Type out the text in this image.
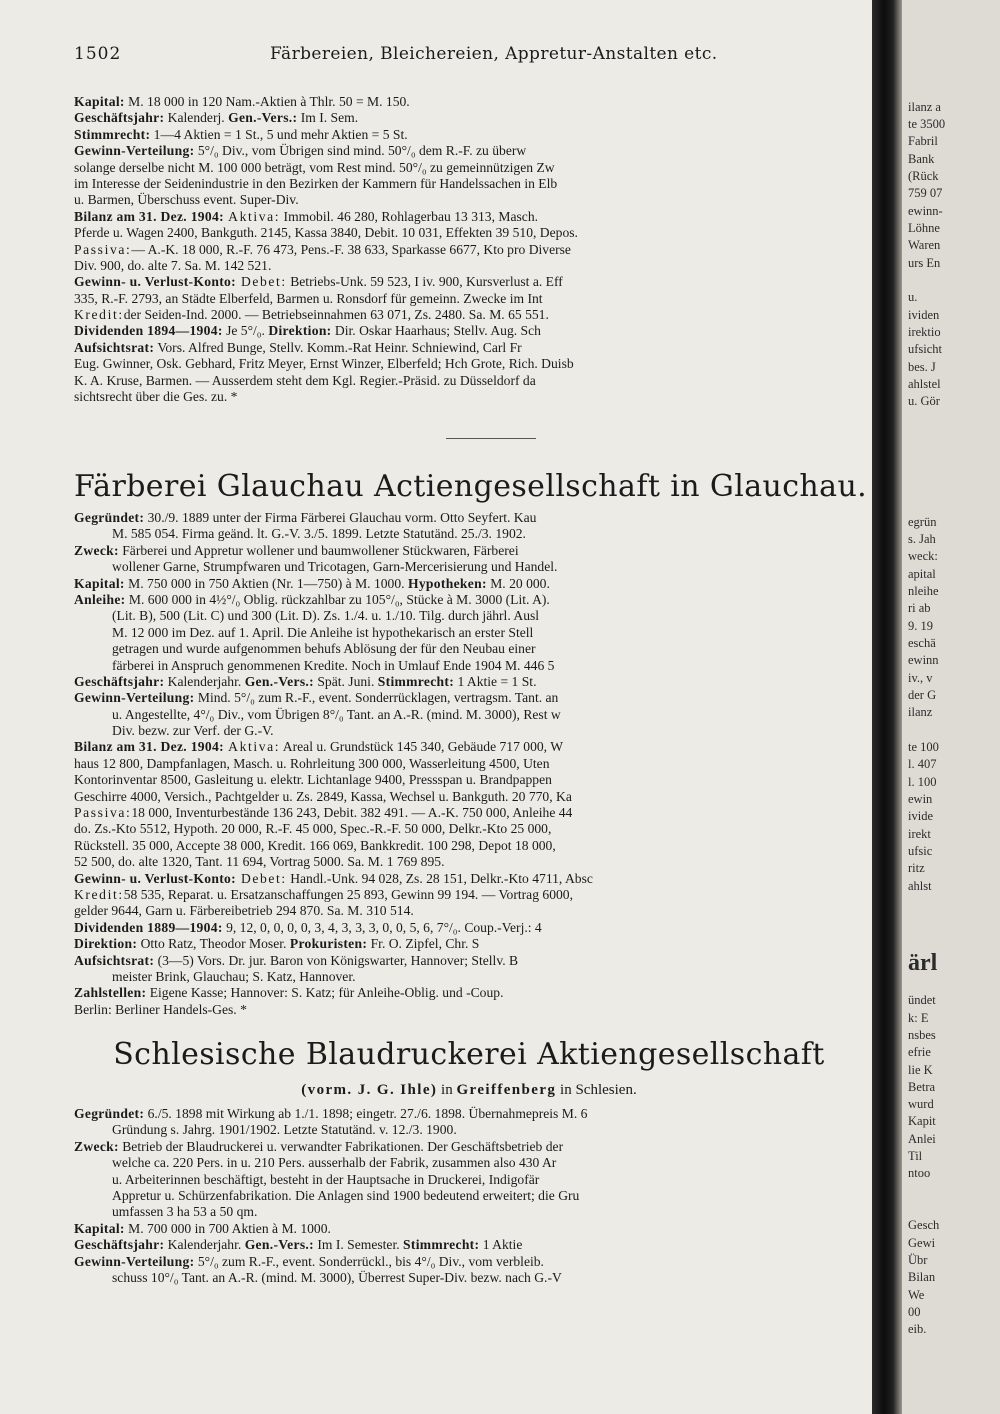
1502	Färbereien, Bleichereien, Appretur-Anstalten etc.
Kapital: M. 18 000 in 120 Nam.-Aktien à Thlr. 50 = M. 150.
Geschäftsjahr: Kalenderj. Gen.-Vers.: Im I. Sem.
Stimmrecht: 1—4 Aktien = 1 St., 5 und mehr Aktien = 5 St.
Gewinn-Verteilung: 5°/₀ Div., vom Übrigen sind mind. 50°/₀ dem R.-F. zu überw
solange derselbe nicht M. 100 000 beträgt, vom Rest mind. 50°/₀ zu gemeinnützigen Zw
im Interesse der Seidenindustrie in den Bezirken der Kammern für Handelssachen in Elb
u. Barmen, Überschuss event. Super-Div.
Bilanz am 31. Dez. 1904: Aktiva: Immobil. 46 280, Rohlagerbau 13 313, Masch.
Pferde u. Wagen 2400, Bankguth. 2145, Kassa 3840, Debit. 10 031, Effekten 39 510, Depos.
Passiva:— A.-K. 18 000, R.-F. 76 473, Pens.-F. 38 633, Sparkasse 6677, Kto pro Diverse
Div. 900, do. alte 7. Sa. M. 142 521.
Gewinn- u. Verlust-Konto: Debet: Betriebs-Unk. 59 523, I iv. 900, Kursverlust a. Eff
335, R.-F. 2793, an Städte Elberfeld, Barmen u. Ronsdorf für gemeinn. Zwecke im Int
Kredit:der Seiden-Ind. 2000. — Betriebseinnahmen 63 071, Zs. 2480. Sa. M. 65 551.
Dividenden 1894—1904: Je 5°/₀. Direktion: Dir. Oskar Haarhaus; Stellv. Aug. Sch
Aufsichtsrat: Vors. Alfred Bunge, Stellv. Komm.-Rat Heinr. Schniewind, Carl Fr
Eug. Gwinner, Osk. Gebhard, Fritz Meyer, Ernst Winzer, Elberfeld; Hch Grote, Rich. Duisb
K. A. Kruse, Barmen. — Ausserdem steht dem Kgl. Regier.-Präsid. zu Düsseldorf da
sichtsrecht über die Ges. zu. *
Färberei Glauchau Actiengesellschaft in Glauchau.
Gegründet: 30./9. 1889 unter der Firma Färberei Glauchau vorm. Otto Seyfert. Kau
M. 585 054. Firma geänd. lt. G.-V. 3./5. 1899. Letzte Statutänd. 25./3. 1902.
Zweck: Färberei und Appretur wollener und baumwollener Stückwaren, Färberei
wollener Garne, Strumpfwaren und Tricotagen, Garn-Mercerisierung und Handel.
Kapital: M. 750 000 in 750 Aktien (Nr. 1—750) à M. 1000. Hypotheken: M. 20 000.
Anleihe: M. 600 000 in 4½°/₀ Oblig. rückzahlbar zu 105°/₀, Stücke à M. 3000 (Lit. A).
(Lit. B), 500 (Lit. C) und 300 (Lit. D). Zs. 1./4. u. 1./10. Tilg. durch jährl. Ausl
M. 12 000 im Dez. auf 1. April. Die Anleihe ist hypothekarisch an erster Stell
getragen und wurde aufgenommen behufs Ablösung der für den Neubau einer
färberei in Anspruch genommenen Kredite. Noch in Umlauf Ende 1904 M. 446 5
Geschäftsjahr: Kalenderjahr. Gen.-Vers.: Spät. Juni. Stimmrecht: 1 Aktie = 1 St.
Gewinn-Verteilung: Mind. 5°/₀ zum R.-F., event. Sonderrücklagen, vertragsm. Tant. an
u. Angestellte, 4°/₀ Div., vom Übrigen 8°/₀ Tant. an A.-R. (mind. M. 3000), Rest w
Div. bezw. zur Verf. der G.-V.
Bilanz am 31. Dez. 1904: Aktiva: Areal u. Grundstück 145 340, Gebäude 717 000, W
haus 12 800, Dampfanlagen, Masch. u. Rohrleitung 300 000, Wasserleitung 4500, Uten
Kontorinventar 8500, Gasleitung u. elektr. Lichtanlage 9400, Pressspan u. Brandpappen
Geschirre 4000, Versich., Pachtgelder u. Zs. 2849, Kassa, Wechsel u. Bankguth. 20 770, Ka
Passiva:18 000, Inventurbestände 136 243, Debit. 382 491. — A.-K. 750 000, Anleihe 44
do. Zs.-Kto 5512, Hypoth. 20 000, R.-F. 45 000, Spec.-R.-F. 50 000, Delkr.-Kto 25 000,
Rückstell. 35 000, Accepte 38 000, Kredit. 166 069, Bankkredit. 100 298, Depot 18 000,
52 500, do. alte 1320, Tant. 11 694, Vortrag 5000. Sa. M. 1 769 895.
Gewinn- u. Verlust-Konto: Debet: Handl.-Unk. 94 028, Zs. 28 151, Delkr.-Kto 4711, Absc
Kredit:58 535, Reparat. u. Ersatzanschaffungen 25 893, Gewinn 99 194. — Vortrag 6000,
gelder 9644, Garn u. Färbereibetrieb 294 870. Sa. M. 310 514.
Dividenden 1889—1904: 9, 12, 0, 0, 0, 0, 3, 4, 3, 3, 3, 0, 0, 5, 6, 7°/₀. Coup.-Verj.: 4
Direktion: Otto Ratz, Theodor Moser. Prokuristen: Fr. O. Zipfel, Chr. S
Aufsichtsrat: (3—5) Vors. Dr. jur. Baron von Königswarter, Hannover; Stellv. B
meister Brink, Glauchau; S. Katz, Hannover.
Zahlstellen: Eigene Kasse; Hannover: S. Katz; für Anleihe-Oblig. und -Coup.
Berlin: Berliner Handels-Ges. *
Schlesische Blaudruckerei Aktiengesellschaft
(vorm. J. G. Ihle) in Greiffenberg in Schlesien.
Gegründet: 6./5. 1898 mit Wirkung ab 1./1. 1898; eingetr. 27./6. 1898. Übernahmepreis M. 6
Gründung s. Jahrg. 1901/1902. Letzte Statutänd. v. 12./3. 1900.
Zweck: Betrieb der Blaudruckerei u. verwandter Fabrikationen. Der Geschäftsbetrieb der
welche ca. 220 Pers. in u. 210 Pers. ausserhalb der Fabrik, zusammen also 430 Ar
u. Arbeiterinnen beschäftigt, besteht in der Hauptsache in Druckerei, Indigofär
Appretur u. Schürzenfabrikation. Die Anlagen sind 1900 bedeutend erweitert; die Gru
umfassen 3 ha 53 a 50 qm.
Kapital: M. 700 000 in 700 Aktien à M. 1000.
Geschäftsjahr: Kalenderjahr. Gen.-Vers.: Im I. Semester. Stimmrecht: 1 Aktie
Gewinn-Verteilung: 5°/₀ zum R.-F., event. Sonderrückl., bis 4°/₀ Div., vom verbleib.
schuss 10°/₀ Tant. an A.-R. (mind. M. 3000), Überrest Super-Div. bezw. nach G.-V
ilanz a
te 3500
Fabril
Bank
(Rück
759 07
ewinn-
Löhne
Waren
urs En
u.
ividen
irektio
ufsicht
bes. J
ahlstel
u. Gör
egrün
s. Jah
weck:
apital
nleihe
ri ab
9. 19
eschä
ewinn
iv., v
der G
ilanz
te 100
l. 407
l. 100
ewin
ivide
irekt
ufsic
ritz
ahlst
ärl
ündet
k: E
nsbes
efrie
lie K
Betra
wurd
Kapit
Anlei
Til
ntoo
Gesch
Gewi
Übr
Bilan
We
00
eib.
